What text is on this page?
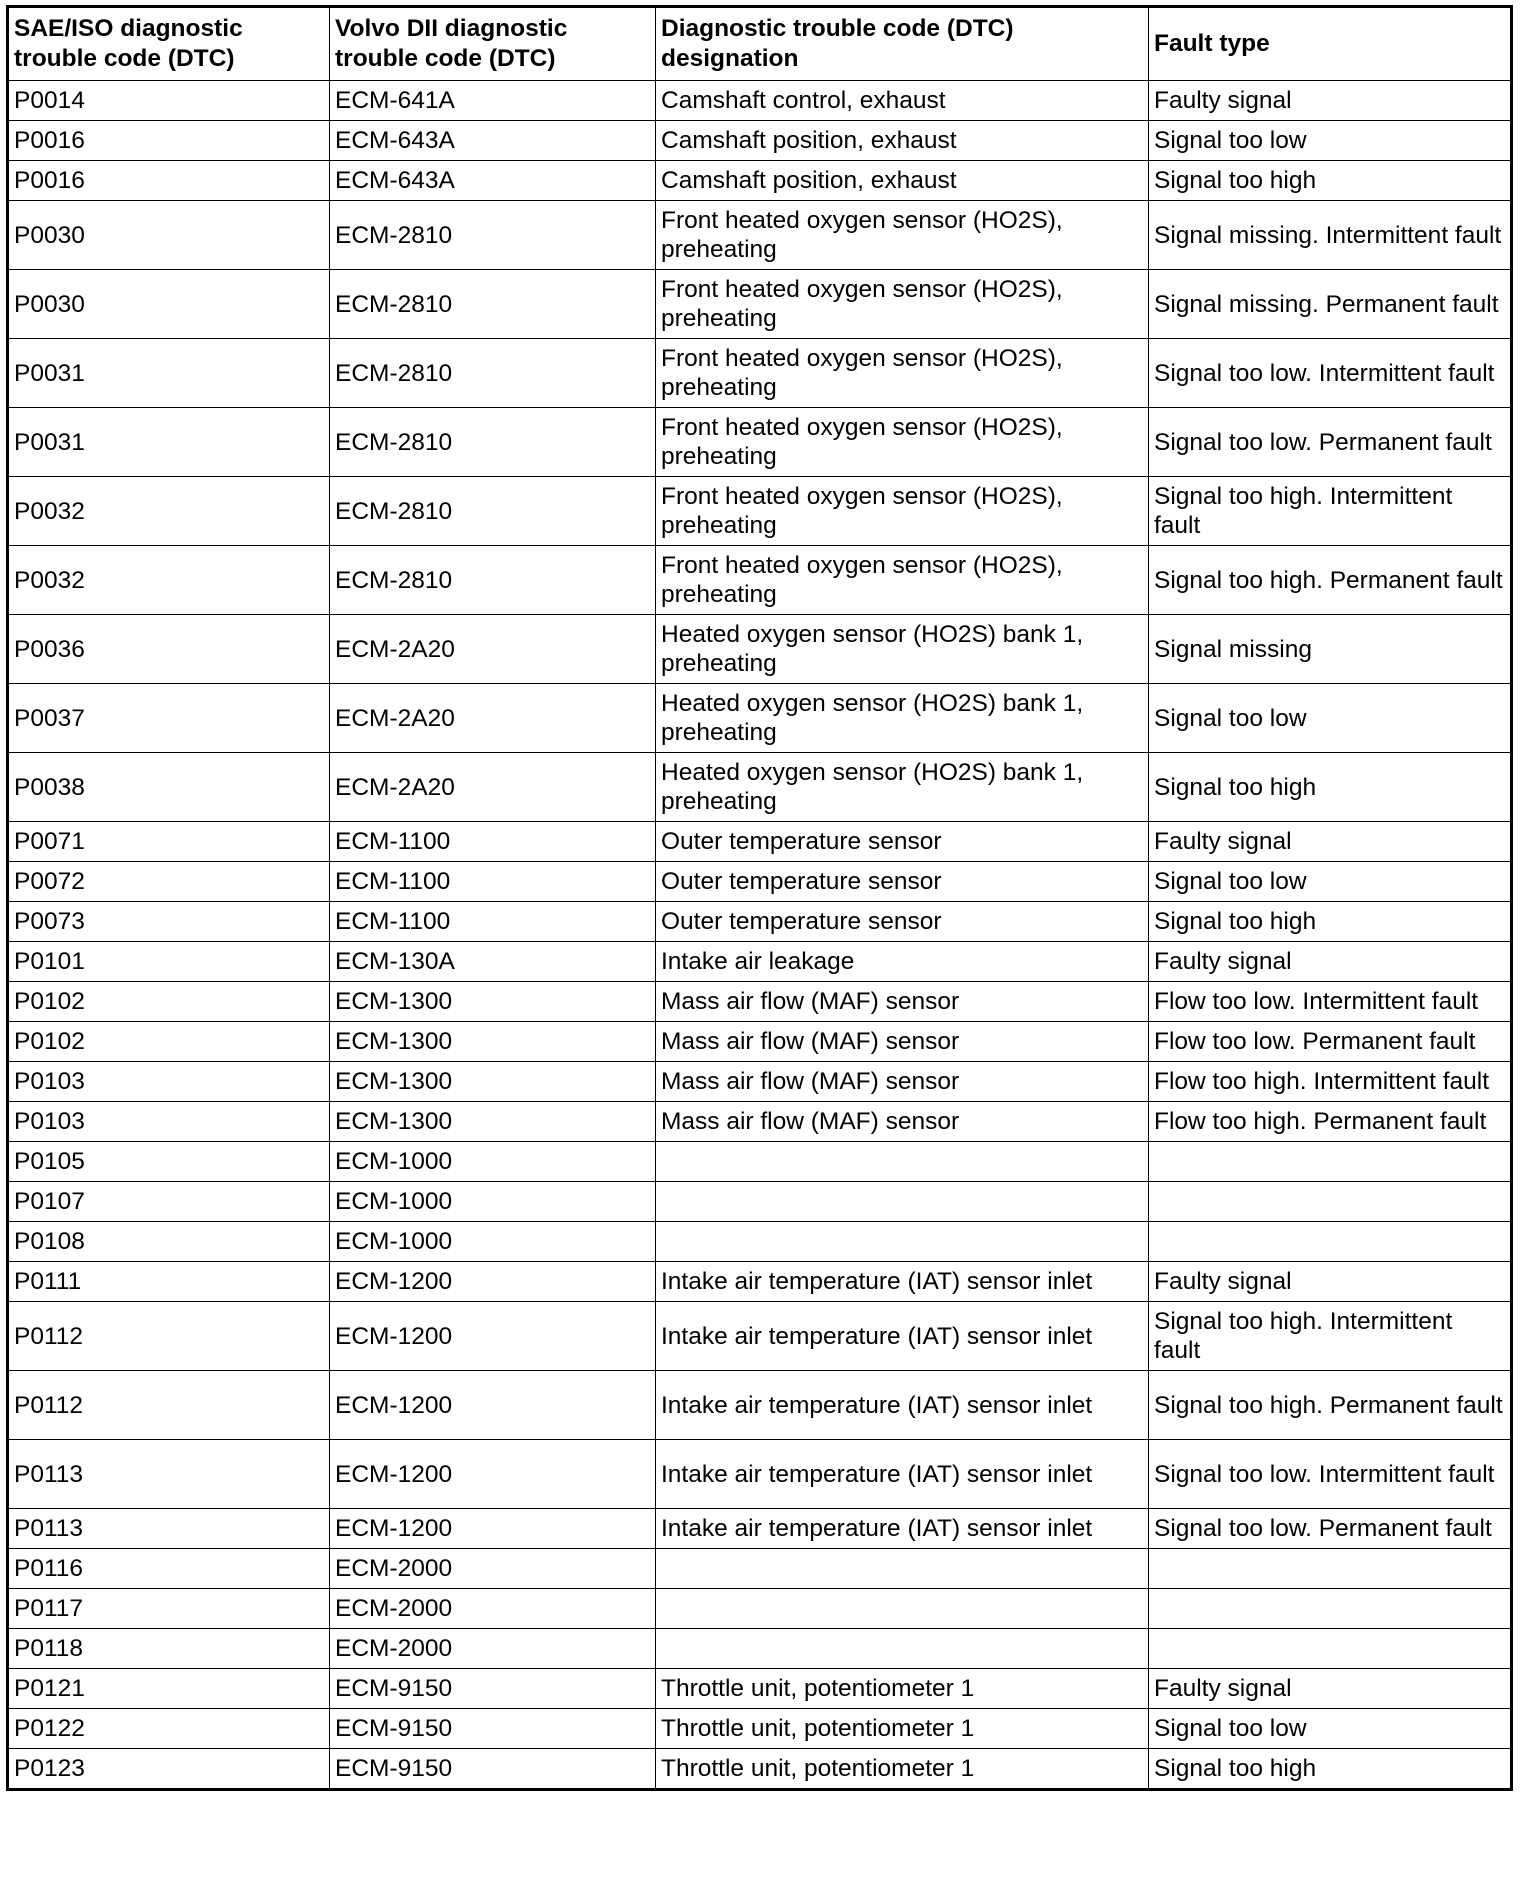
SAE/ISO diagnostic trouble code (DTC)	Volvo DII diagnostic trouble code (DTC)	Diagnostic trouble code (DTC) designation	Fault type
P0014	ECM-641A	Camshaft control, exhaust	Faulty signal
P0016	ECM-643A	Camshaft position, exhaust	Signal too low
P0016	ECM-643A	Camshaft position, exhaust	Signal too high
P0030	ECM-2810	Front heated oxygen sensor (HO2S), preheating	Signal missing. Intermittent fault
P0030	ECM-2810	Front heated oxygen sensor (HO2S), preheating	Signal missing. Permanent fault
P0031	ECM-2810	Front heated oxygen sensor (HO2S), preheating	Signal too low. Intermittent fault
P0031	ECM-2810	Front heated oxygen sensor (HO2S), preheating	Signal too low. Permanent fault
P0032	ECM-2810	Front heated oxygen sensor (HO2S), preheating	Signal too high. Intermittent fault
P0032	ECM-2810	Front heated oxygen sensor (HO2S), preheating	Signal too high. Permanent fault
P0036	ECM-2A20	Heated oxygen sensor (HO2S) bank 1, preheating	Signal missing
P0037	ECM-2A20	Heated oxygen sensor (HO2S) bank 1, preheating	Signal too low
P0038	ECM-2A20	Heated oxygen sensor (HO2S) bank 1, preheating	Signal too high
P0071	ECM-1100	Outer temperature sensor	Faulty signal
P0072	ECM-1100	Outer temperature sensor	Signal too low
P0073	ECM-1100	Outer temperature sensor	Signal too high
P0101	ECM-130A	Intake air leakage	Faulty signal
P0102	ECM-1300	Mass air flow (MAF) sensor	Flow too low. Intermittent fault
P0102	ECM-1300	Mass air flow (MAF) sensor	Flow too low. Permanent fault
P0103	ECM-1300	Mass air flow (MAF) sensor	Flow too high. Intermittent fault
P0103	ECM-1300	Mass air flow (MAF) sensor	Flow too high. Permanent fault
P0105	ECM-1000		
P0107	ECM-1000		
P0108	ECM-1000		
P0111	ECM-1200	Intake air temperature (IAT) sensor inlet	Faulty signal
P0112	ECM-1200	Intake air temperature (IAT) sensor inlet	Signal too high. Intermittent fault
P0112	ECM-1200	Intake air temperature (IAT) sensor inlet	Signal too high. Permanent fault
P0113	ECM-1200	Intake air temperature (IAT) sensor inlet	Signal too low. Intermittent fault
P0113	ECM-1200	Intake air temperature (IAT) sensor inlet	Signal too low. Permanent fault
P0116	ECM-2000		
P0117	ECM-2000		
P0118	ECM-2000		
P0121	ECM-9150	Throttle unit, potentiometer 1	Faulty signal
P0122	ECM-9150	Throttle unit, potentiometer 1	Signal too low
P0123	ECM-9150	Throttle unit, potentiometer 1	Signal too high
